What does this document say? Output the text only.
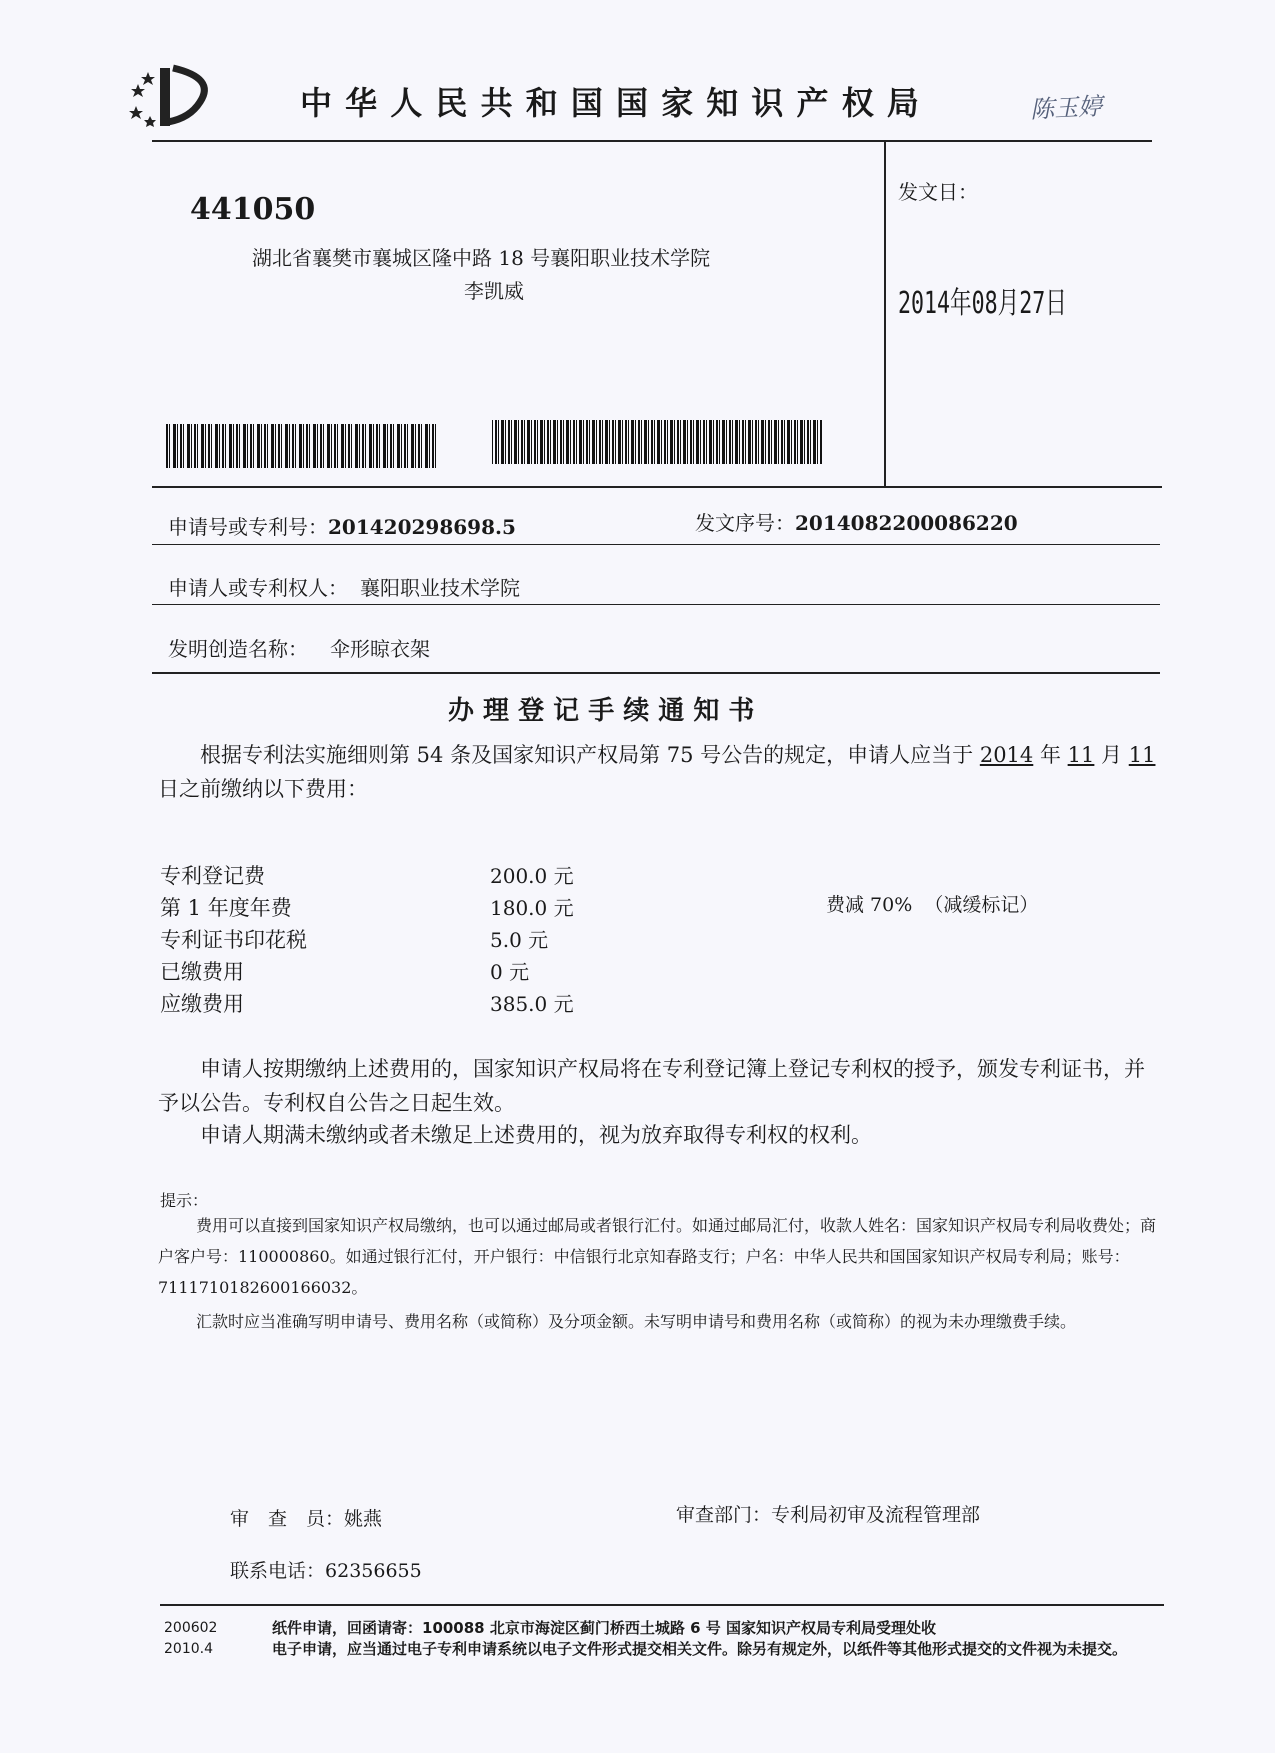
中 华 人 民 共 和 国 国 家 知 识 产 权 局	陈玉婷
441050
湖北省襄樊市襄城区隆中路 18 号襄阳职业技术学院
李凯威
发文日：
2014年08月27日
申请号或专利号：201420298698.5	发文序号：2014082200086220
申请人或专利权人： 襄阳职业技术学院
发明创造名称： 伞形晾衣架
办 理 登 记 手 续 通 知 书
根据专利法实施细则第 54 条及国家知识产权局第 75 号公告的规定，申请人应当于 2014 年 11 月 11 日之前缴纳以下费用：
专利登记费	200.0 元
第 1 年度年费	180.0 元	费减 70%  （减缓标记）
专利证书印花税	5.0 元
已缴费用	0 元
应缴费用	385.0 元
申请人按期缴纳上述费用的，国家知识产权局将在专利登记簿上登记专利权的授予，颁发专利证书，并予以公告。专利权自公告之日起生效。
申请人期满未缴纳或者未缴足上述费用的，视为放弃取得专利权的权利。
提示：
费用可以直接到国家知识产权局缴纳，也可以通过邮局或者银行汇付。如通过邮局汇付，收款人姓名：国家知识产权局专利局收费处；商户客户号：110000860。如通过银行汇付，开户银行：中信银行北京知春路支行；户名：中华人民共和国国家知识产权局专利局；账号：7111710182600166032。
汇款时应当准确写明申请号、费用名称（或简称）及分项金额。未写明申请号和费用名称（或简称）的视为未办理缴费手续。
审　查　员：姚燕	审查部门：专利局初审及流程管理部
联系电话：62356655
200602
2010.4
纸件申请，回函请寄：100088 北京市海淀区蓟门桥西土城路 6 号 国家知识产权局专利局受理处收
电子申请，应当通过电子专利申请系统以电子文件形式提交相关文件。除另有规定外，以纸件等其他形式提交的文件视为未提交。
